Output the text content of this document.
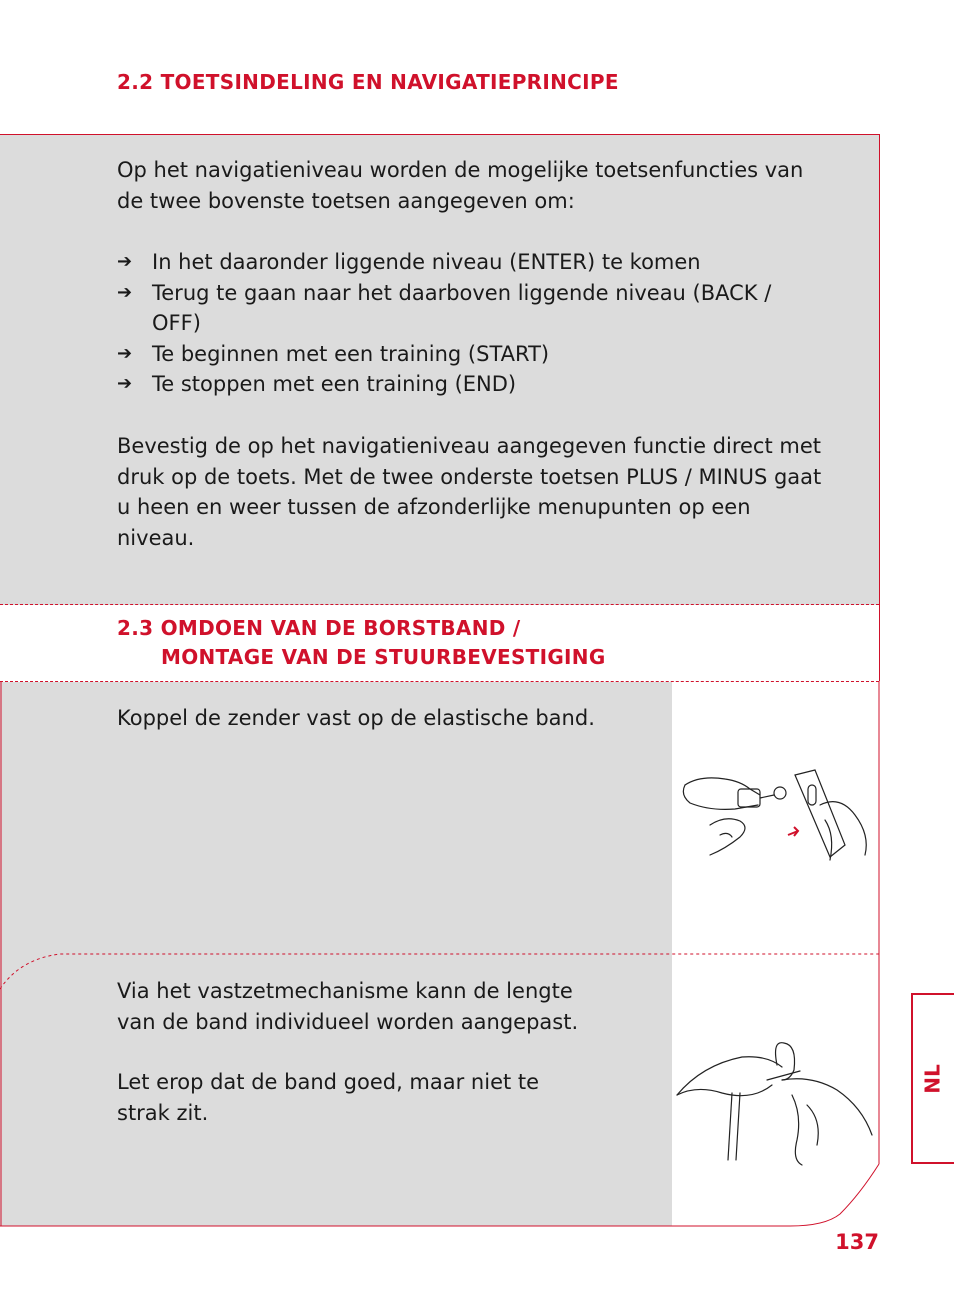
2.2 TOETSINDELING EN NAVIGATIEPRINCIPE
Op het navigatieniveau worden de mogelijke toetsenfuncties van de twee bovenste toetsen aangegeven om:
➔ In het daaronder liggende niveau (ENTER) te komen
➔ Terug te gaan naar het daarboven liggende niveau (BACK / OFF)
➔ Te beginnen met een training (START)
➔ Te stoppen met een training (END)
Bevestig de op het navigatieniveau aangegeven functie direct met druk op de toets. Met de twee onderste toetsen PLUS / MINUS gaat u heen en weer tussen de afzonderlijke menupunten op een niveau.
2.3 OMDOEN VAN DE BORSTBAND /
MONTAGE VAN DE STUURBEVESTIGING
Koppel de zender vast op de elastische band.
Via het vastzetmechanisme kann de lengte van de band individueel worden aangepast.
Let erop dat de band goed, maar niet te strak zit.
NL
137
